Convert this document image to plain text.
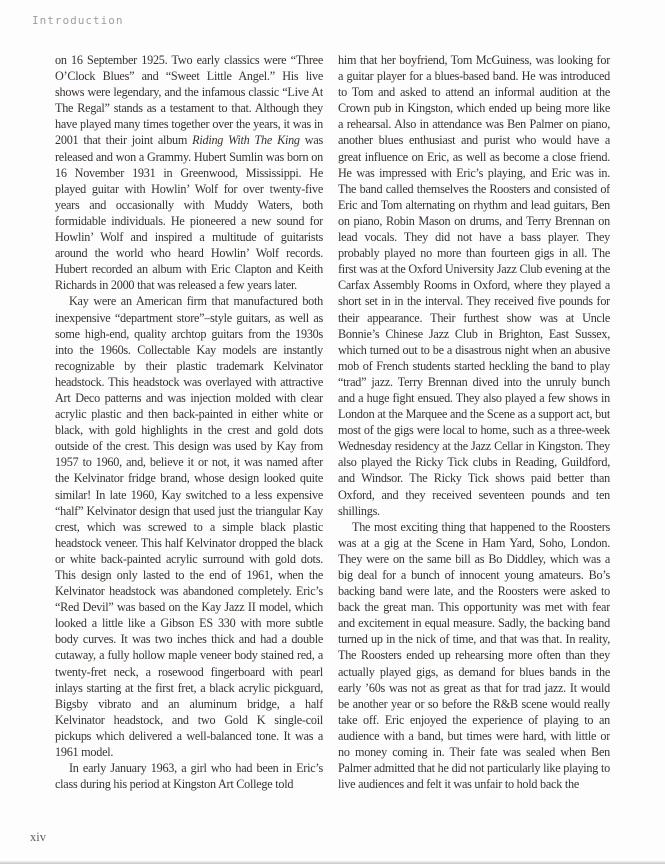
Introduction

on 16 September 1925. Two early classics were “Three O’Clock Blues” and “Sweet Little Angel.” His live shows were legendary, and the infamous classic “Live At The Regal” stands as a testament to that. Although they have played many times together over the years, it was in 2001 that their joint album Riding With The King was released and won a Grammy. Hubert Sumlin was born on 16 November 1931 in Greenwood, Mississippi. He played guitar with Howlin’ Wolf for over twenty-five years and occasionally with Muddy Waters, both formidable individuals. He pioneered a new sound for Howlin’ Wolf and inspired a multitude of guitarists around the world who heard Howlin’ Wolf records. Hubert recorded an album with Eric Clapton and Keith Richards in 2000 that was released a few years later.

Kay were an American firm that manufactured both inexpensive “department store”–style guitars, as well as some high-end, quality archtop guitars from the 1930s into the 1960s. Collectable Kay models are instantly recognizable by their plastic trademark Kelvinator headstock. This headstock was overlayed with attractive Art Deco patterns and was injection molded with clear acrylic plastic and then back-painted in either white or black, with gold highlights in the crest and gold dots outside of the crest. This design was used by Kay from 1957 to 1960, and, believe it or not, it was named after the Kelvinator fridge brand, whose design looked quite similar! In late 1960, Kay switched to a less expensive “half” Kelvinator design that used just the triangular Kay crest, which was screwed to a simple black plastic headstock veneer. This half Kelvinator dropped the black or white back-painted acrylic surround with gold dots. This design only lasted to the end of 1961, when the Kelvinator headstock was abandoned completely. Eric’s “Red Devil” was based on the Kay Jazz II model, which looked a little like a Gibson ES 330 with more subtle body curves. It was two inches thick and had a double cutaway, a fully hollow maple veneer body stained red, a twenty-fret neck, a rosewood fingerboard with pearl inlays starting at the first fret, a black acrylic pickguard, Bigsby vibrato and an aluminum bridge, a half Kelvinator headstock, and two Gold K single-coil pickups which delivered a well-balanced tone. It was a 1961 model.

In early January 1963, a girl who had been in Eric’s class during his period at Kingston Art College told

him that her boyfriend, Tom McGuiness, was looking for a guitar player for a blues-based band. He was introduced to Tom and asked to attend an informal audition at the Crown pub in Kingston, which ended up being more like a rehearsal. Also in attendance was Ben Palmer on piano, another blues enthusiast and purist who would have a great influence on Eric, as well as become a close friend. He was impressed with Eric’s playing, and Eric was in. The band called themselves the Roosters and consisted of Eric and Tom alternating on rhythm and lead guitars, Ben on piano, Robin Mason on drums, and Terry Brennan on lead vocals. They did not have a bass player. They probably played no more than fourteen gigs in all. The first was at the Oxford University Jazz Club evening at the Carfax Assembly Rooms in Oxford, where they played a short set in in the interval. They received five pounds for their appearance. Their furthest show was at Uncle Bonnie’s Chinese Jazz Club in Brighton, East Sussex, which turned out to be a disastrous night when an abusive mob of French students started heckling the band to play “trad” jazz. Terry Brennan dived into the unruly bunch and a huge fight ensued. They also played a few shows in London at the Marquee and the Scene as a support act, but most of the gigs were local to home, such as a three-week Wednesday residency at the Jazz Cellar in Kingston. They also played the Ricky Tick clubs in Reading, Guildford, and Windsor. The Ricky Tick shows paid better than Oxford, and they received seventeen pounds and ten shillings.

The most exciting thing that happened to the Roosters was at a gig at the Scene in Ham Yard, Soho, London. They were on the same bill as Bo Diddley, which was a big deal for a bunch of innocent young amateurs. Bo’s backing band were late, and the Roosters were asked to back the great man. This opportunity was met with fear and excitement in equal measure. Sadly, the backing band turned up in the nick of time, and that was that. In reality, The Roosters ended up rehearsing more often than they actually played gigs, as demand for blues bands in the early ’60s was not as great as that for trad jazz. It would be another year or so before the R&B scene would really take off. Eric enjoyed the experience of playing to an audience with a band, but times were hard, with little or no money coming in. Their fate was sealed when Ben Palmer admitted that he did not particularly like playing to live audiences and felt it was unfair to hold back the

xiv
